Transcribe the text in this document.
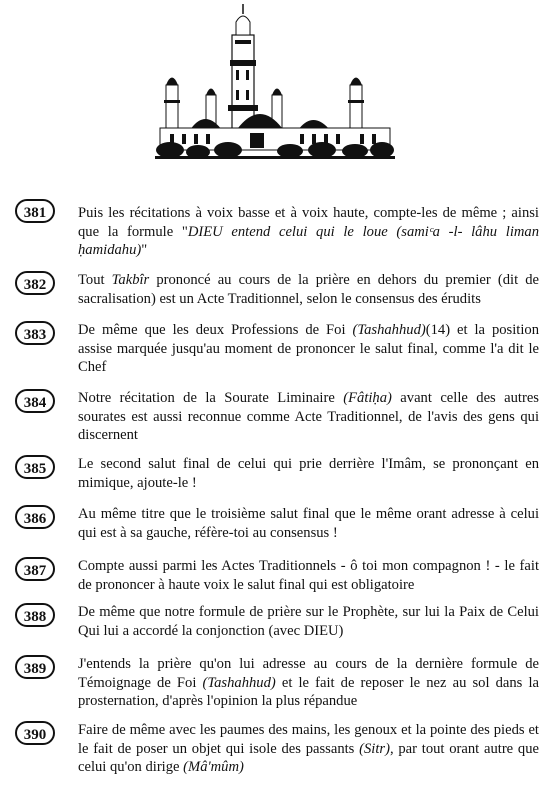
381	Puis les récitations à voix basse et à voix haute, compte-les de même ; ainsi que la formule "DIEU entend celui qui le loue (samiᶜa -l- lâhu liman ḥamidahu)"
382	Tout Takbîr prononcé au cours de la prière en dehors du premier (dit de sacralisation) est un Acte Traditionnel, selon le consensus des érudits
383	De même que les deux Professions de Foi (Tashahhud)(14) et la position assise marquée jusqu'au moment de prononcer le salut final, comme l'a dit le Chef
384	Notre récitation de la Sourate Liminaire (Fâtiḥa) avant celle des autres sourates est aussi reconnue comme Acte Traditionnel, de l'avis des gens qui discernent
385	Le second salut final de celui qui prie derrière l'Imâm, se prononçant en mimique, ajoute-le !
386	Au même titre que le troisième salut final que le même orant adresse à celui qui est à sa gauche, réfère-toi au consensus !
387	Compte aussi parmi les Actes Traditionnels - ô toi mon compagnon ! - le fait de prononcer à haute voix le salut final qui est obligatoire
388	De même que notre formule de prière sur le Prophète, sur lui la Paix de Celui Qui lui a accordé la conjonction (avec DIEU)
389	J'entends la prière qu'on lui adresse au cours de la dernière formule de Témoignage de Foi (Tashahhud) et le fait de reposer le nez au sol dans la prosternation, d'après l'opinion la plus répandue
390	Faire de même avec les paumes des mains, les genoux et la pointe des pieds et le fait de poser un objet qui isole des passants (Sitr), par tout orant autre que celui qu'on dirige (Mâ'mûm)
